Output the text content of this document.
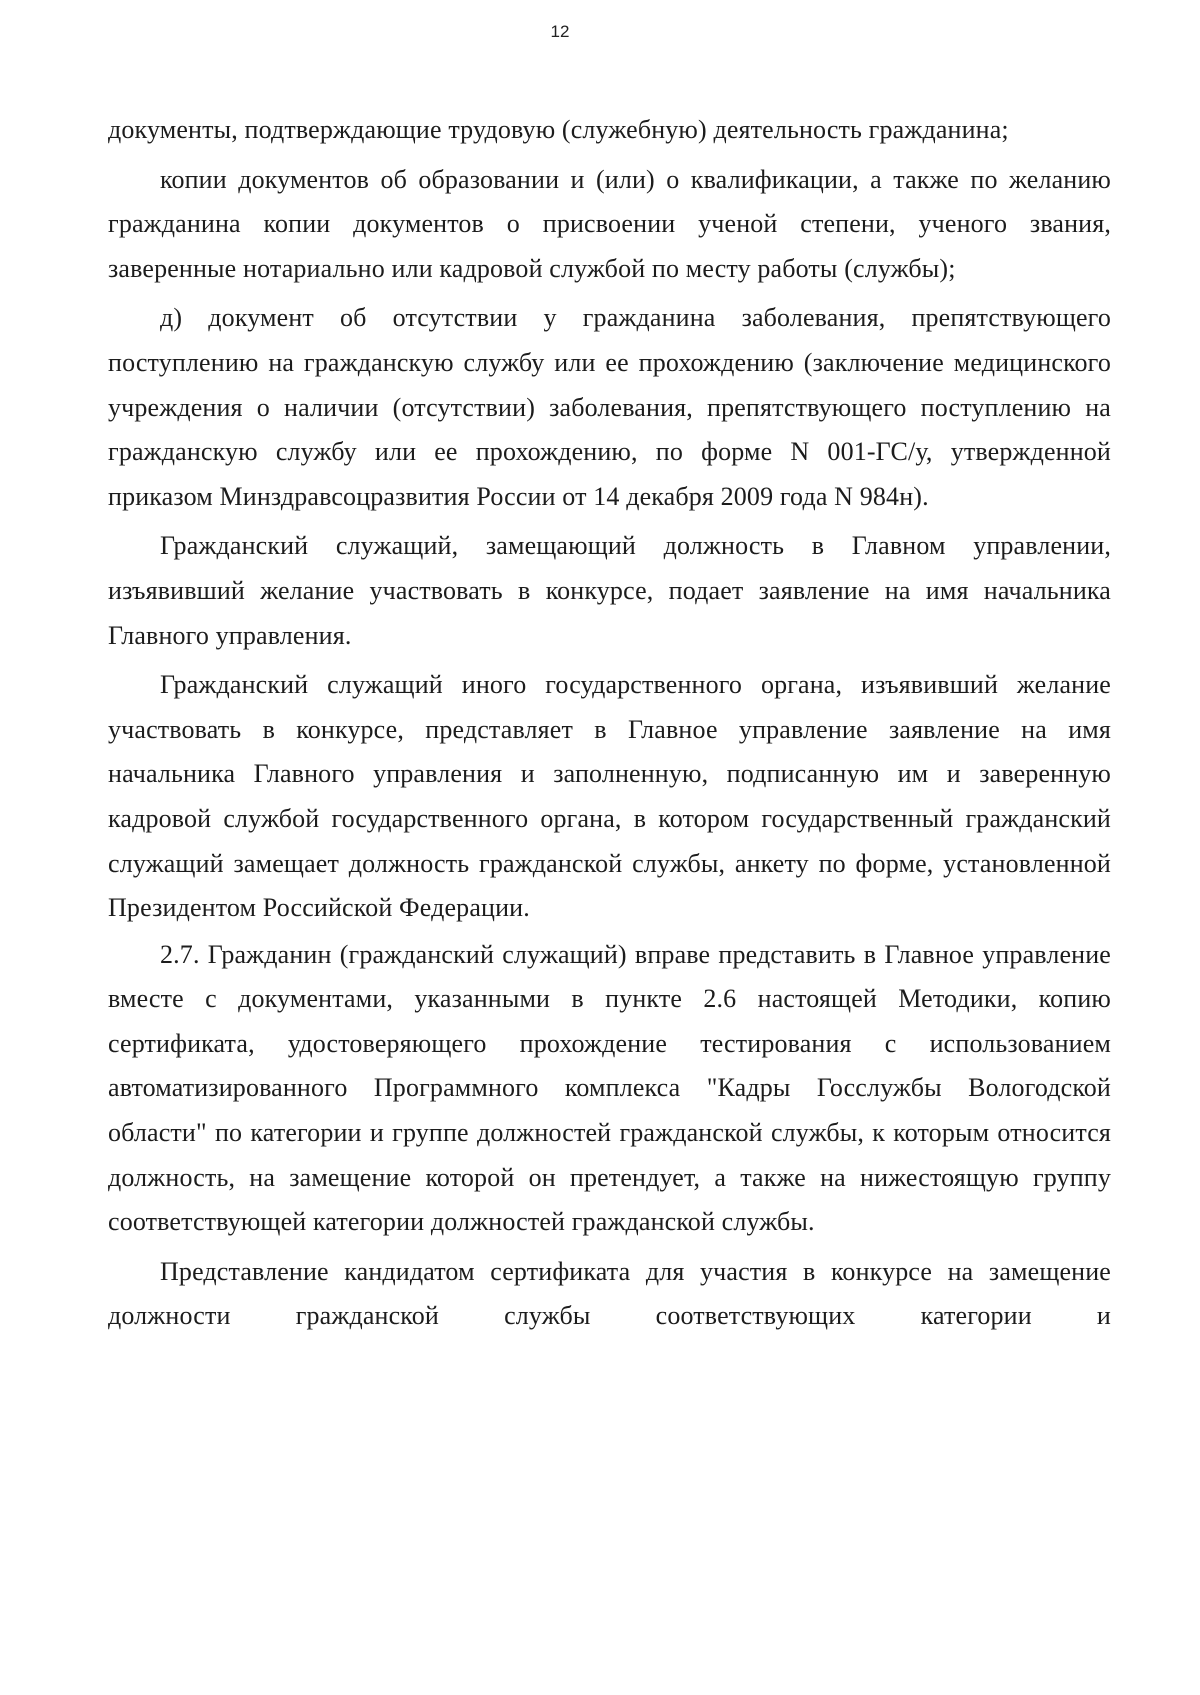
12

документы, подтверждающие трудовую (служебную) деятельность гражданина;

копии документов об образовании и (или) о квалификации, а также по желанию гражданина копии документов о присвоении ученой степени, ученого звания, заверенные нотариально или кадровой службой по месту работы (службы);

д) документ об отсутствии у гражданина заболевания, препятствующего поступлению на гражданскую службу или ее прохождению (заключение медицинского учреждения о наличии (отсутствии) заболевания, препятствующего поступлению на гражданскую службу или ее прохождению, по форме N 001-ГС/у, утвержденной приказом Минздравсоцразвития России от 14 декабря 2009 года N 984н).

Гражданский служащий, замещающий должность в Главном управлении, изъявивший желание участвовать в конкурсе, подает заявление на имя начальника Главного управления.

Гражданский служащий иного государственного органа, изъявивший желание участвовать в конкурсе, представляет в Главное управление заявление на имя начальника Главного управления и заполненную, подписанную им и заверенную кадровой службой государственного органа, в котором государственный гражданский служащий замещает должность гражданской службы, анкету по форме, установленной Президентом Российской Федерации.

2.7. Гражданин (гражданский служащий) вправе представить в Главное управление вместе с документами, указанными в пункте 2.6 настоящей Методики, копию сертификата, удостоверяющего прохождение тестирования с использованием автоматизированного Программного комплекса "Кадры Госслужбы Вологодской области" по категории и группе должностей гражданской службы, к которым относится должность, на замещение которой он претендует, а также на нижестоящую группу соответствующей категории должностей гражданской службы.

Представление кандидатом сертификата для участия в конкурсе на замещение должности гражданской службы соответствующих категории и
